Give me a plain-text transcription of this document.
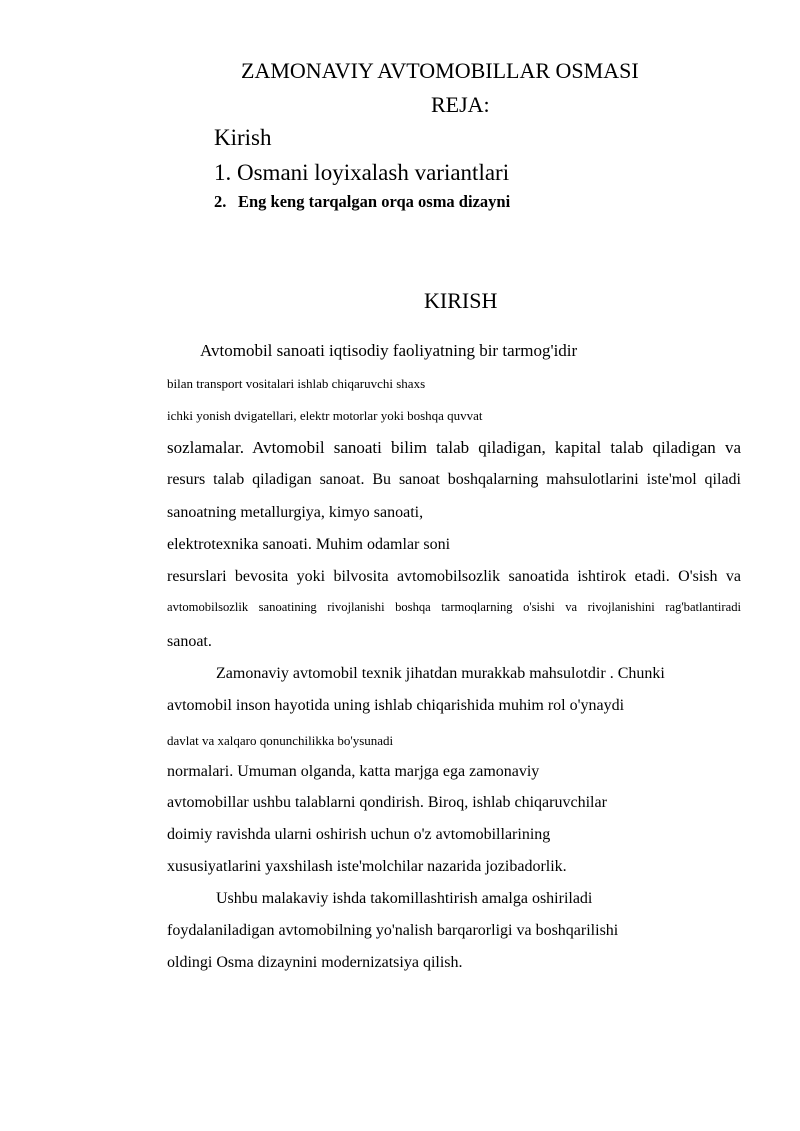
ZAMONAVIY AVTOMOBILLAR OSMASI
REJA:
Kirish
1. Osmani loyixalash variantlari
2. Eng keng tarqalgan orqa osma dizayni
KIRISH
Avtomobil sanoati iqtisodiy faoliyatning bir tarmog'idir
bilan transport vositalari ishlab chiqaruvchi shaxs
ichki yonish dvigatellari, elektr motorlar yoki boshqa quvvat
sozlamalar. Avtomobil sanoati bilim talab qiladigan, kapital talab qiladigan va
resurs talab qiladigan sanoat. Bu sanoat boshqalarning mahsulotlarini iste'mol qiladi
sanoatning metallurgiya, kimyo sanoati,
elektrotexnika sanoati. Muhim odamlar soni
resurslari bevosita yoki bilvosita avtomobilsozlik sanoatida ishtirok etadi. O'sish va
avtomobilsozlik sanoatining rivojlanishi boshqa tarmoqlarning o'sishi va rivojlanishini rag'batlantiradi
sanoat.
Zamonaviy avtomobil texnik jihatdan murakkab mahsulotdir . Chunki
avtomobil inson hayotida uning ishlab chiqarishida muhim rol o'ynaydi
davlat va xalqaro qonunchilikka bo'ysunadi
normalari. Umuman olganda, katta marjga ega zamonaviy
avtomobillar ushbu talablarni qondirish. Biroq, ishlab chiqaruvchilar
doimiy ravishda ularni oshirish uchun o'z avtomobillarining
xususiyatlarini yaxshilash iste'molchilar nazarida jozibadorlik.
Ushbu malakaviy ishda takomillashtirish amalga oshiriladi
foydalaniladigan avtomobilning yo'nalish barqarorligi va boshqarilishi
oldingi Osma dizaynini modernizatsiya qilish.
